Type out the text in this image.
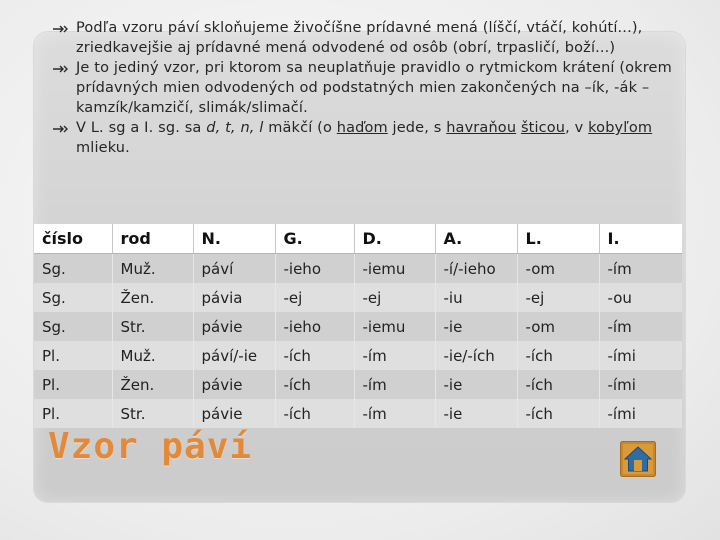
Podľa vzoru páví skloňujeme živočíšne prídavné mená (líščí, vtáčí, kohútí...), zriedkavejšie aj prídavné mená odvodené od osôb (obrí, trpasličí, boží...)
Je to jediný vzor, pri ktorom sa neuplatňuje pravidlo o rytmickom krátení (okrem prídavných mien odvodených od podstatných mien zakončených na –ík, -ák – kamzík/kamzičí, slimák/slimačí.
V L. sg a I. sg. sa d, t, n, l mäkčí (o haďom jede, s havraňou šticou, v kobyľom mlieku.
číslo	rod	N.	G.	D.	A.	L.	I.
Sg.	Muž.	páví	-ieho	-iemu	-í/-ieho	-om	-ím
Sg.	Žen.	pávia	-ej	-ej	-iu	-ej	-ou
Sg.	Str.	pávie	-ieho	-iemu	-ie	-om	-ím
Pl.	Muž.	páví/-ie	-ích	-ím	-ie/-ích	-ích	-ími
Pl.	Žen.	pávie	-ích	-ím	-ie	-ích	-ími
Pl.	Str.	pávie	-ích	-ím	-ie	-ích	-ími
Vzor páví
